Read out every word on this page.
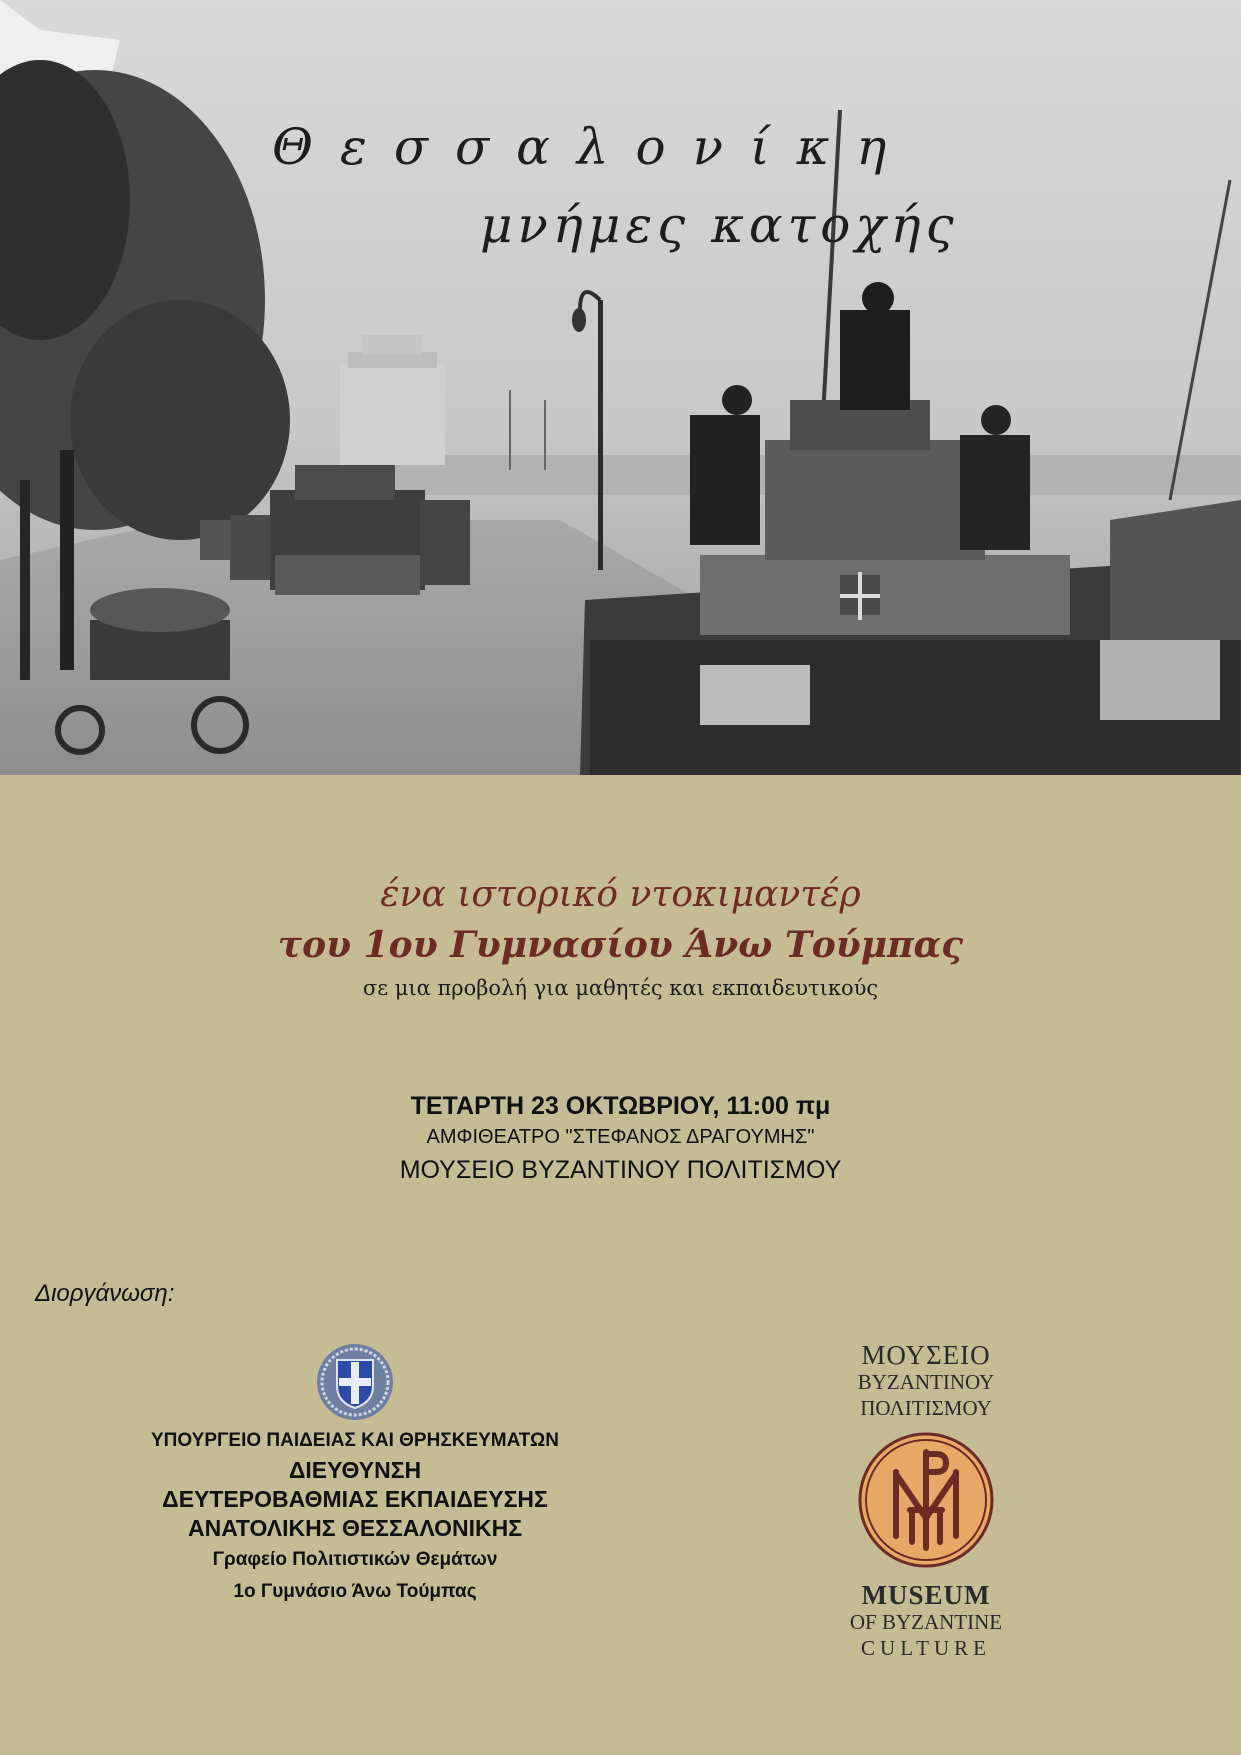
Θεσσαλονίκη
μνήμες κατοχής
ένα ιστορικό ντοκιμαντέρ
του 1ου Γυμνασίου Άνω Τούμπας
σε μια προβολή για μαθητές και εκπαιδευτικούς
ΤΕΤΑΡΤΗ 23 ΟΚΤΩΒΡΙΟΥ, 11:00 πμ
ΑΜΦΙΘΕΑΤΡΟ "ΣΤΕΦΑΝΟΣ ΔΡΑΓΟΥΜΗΣ"
ΜΟΥΣΕΙΟ ΒΥΖΑΝΤΙΝΟΥ ΠΟΛΙΤΙΣΜΟΥ
Διοργάνωση:
ΥΠΟΥΡΓΕΙΟ ΠΑΙΔΕΙΑΣ ΚΑΙ ΘΡΗΣΚΕΥΜΑΤΩΝ
ΔΙΕΥΘΥΝΣΗ
ΔΕΥΤΕΡΟΒΑΘΜΙΑΣ ΕΚΠΑΙΔΕΥΣΗΣ
ΑΝΑΤΟΛΙΚΗΣ ΘΕΣΣΑΛΟΝΙΚΗΣ
Γραφείο Πολιτιστικών Θεμάτων
1ο Γυμνάσιο Άνω Τούμπας
ΜΟΥΣΕΙΟ
ΒΥΖΑΝΤΙΝΟΥ
ΠΟΛΙΤΙΣΜΟΥ
MUSEUM
OF BYZANTINE
CULTURE
